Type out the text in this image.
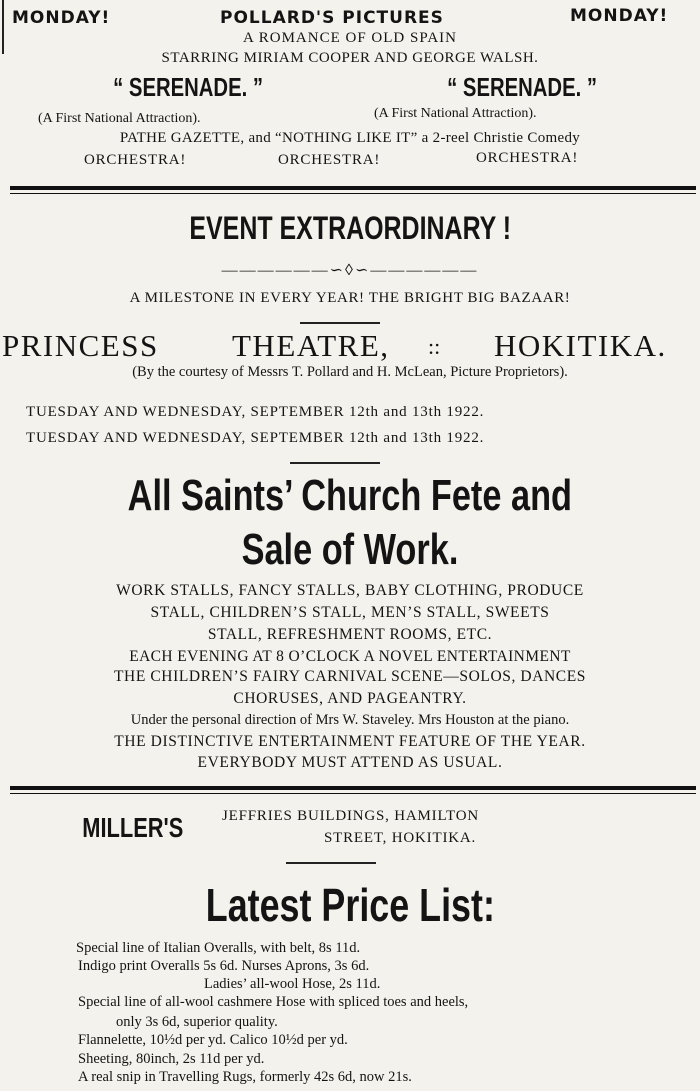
MONDAY!	POLLARD'S PICTURES	MONDAY!
A ROMANCE OF OLD SPAIN
STARRING MIRIAM COOPER AND GEORGE WALSH.
“ SERENADE. ”	“ SERENADE. ”
(A First National Attraction).	(A First National Attraction).
PATHE GAZETTE, and “NOTHING LIKE IT” a 2-reel Christie Comedy
ORCHESTRA!	ORCHESTRA!	ORCHESTRA!
EVENT EXTRAORDINARY !
——————∽◊∽——————
A MILESTONE IN EVERY YEAR! THE BRIGHT BIG BAZAAR!
PRINCESS THEATRE, :: HOKITIKA.
(By the courtesy of Messrs T. Pollard and H. McLean, Picture Proprietors).
TUESDAY AND WEDNESDAY, SEPTEMBER 12th and 13th 1922.
TUESDAY AND WEDNESDAY, SEPTEMBER 12th and 13th 1922.
All Saints’ Church Fete and
Sale of Work.
WORK STALLS, FANCY STALLS, BABY CLOTHING, PRODUCE
STALL, CHILDREN’S STALL, MEN’S STALL, SWEETS
STALL, REFRESHMENT ROOMS, ETC.
EACH EVENING AT 8 O’CLOCK A NOVEL ENTERTAINMENT
THE CHILDREN’S FAIRY CARNIVAL SCENE—SOLOS, DANCES
CHORUSES, AND PAGEANTRY.
Under the personal direction of Mrs W. Staveley. Mrs Houston at the piano.
THE DISTINCTIVE ENTERTAINMENT FEATURE OF THE YEAR.
EVERYBODY MUST ATTEND AS USUAL.
MILLER'S	JEFFRIES BUILDINGS, HAMILTON
STREET, HOKITIKA.
Latest Price List:
Special line of Italian Overalls, with belt, 8s 11d.
Indigo print Overalls 5s 6d. Nurses Aprons, 3s 6d.
Ladies’ all-wool Hose, 2s 11d.
Special line of all-wool cashmere Hose with spliced toes and heels,
only 3s 6d, superior quality.
Flannelette, 10½d per yd. Calico 10½d per yd.
Sheeting, 80inch, 2s 11d per yd.
A real snip in Travelling Rugs, formerly 42s 6d, now 21s.
